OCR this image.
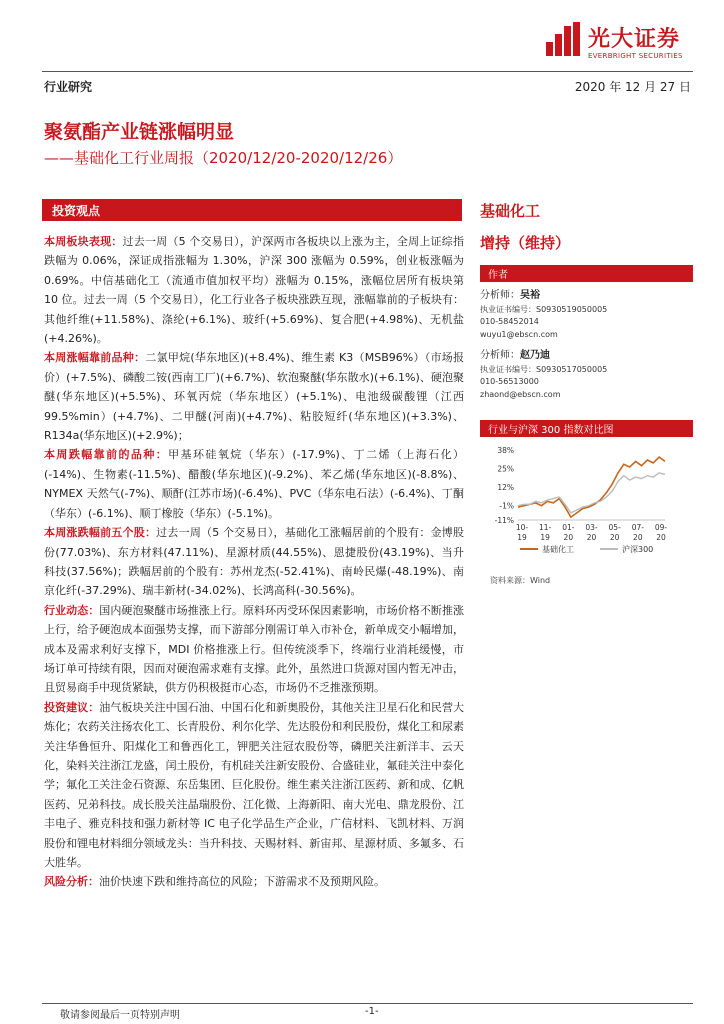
光大证券
EVERBRIGHT SECURITIES
行业研究	2020 年 12 月 27 日
聚氨酯产业链涨幅明显
——基础化工行业周报（2020/12/20-2020/12/26）
投资观点

本周板块表现：过去一周（5 个交易日），沪深两市各板块以上涨为主，全周上证综指跌幅为 0.06%，深证成指涨幅为 1.30%，沪深 300 涨幅为 0.59%，创业板涨幅为 0.69%。中信基础化工（流通市值加权平均）涨幅为 0.15%，涨幅位居所有板块第 10 位。过去一周（5 个交易日），化工行业各子板块涨跌互现，涨幅靠前的子板块有：其他纤维(+11.58%)、涤纶(+6.1%)、玻纤(+5.69%)、复合肥(+4.98%)、无机盐(+4.26%)。

本周涨幅靠前品种：二氯甲烷(华东地区)(+8.4%)、维生素 K3（MSB96%）（市场报价）(+7.5%)、磷酸二铵(西南工厂)(+6.7%)、软泡聚醚(华东散水)(+6.1%)、硬泡聚醚(华东地区)(+5.5%)、环氧丙烷（华东地区）(+5.1%)、电池级碳酸锂（江西 99.5%min）(+4.7%)、二甲醚(河南)(+4.7%)、粘胶短纤(华东地区)(+3.3%)、R134a(华东地区)(+2.9%)；

本周跌幅靠前的品种：甲基环硅氧烷（华东）(-17.9%)、丁二烯（上海石化）(-14%)、生物素(-11.5%)、醋酸(华东地区)(-9.2%)、苯乙烯(华东地区)(-8.8%)、NYMEX 天然气(-7%)、顺酐(江苏市场)(-6.4%)、PVC（华东电石法）(-6.4%)、丁酮（华东）(-6.1%)、顺丁橡胶（华东）(-5.1%)。

本周涨跌幅前五个股：过去一周（5 个交易日），基础化工涨幅居前的个股有：金博股份(77.03%)、东方材料(47.11%)、星源材质(44.55%)、恩捷股份(43.19%)、当升科技(37.56%)；跌幅居前的个股有：苏州龙杰(-52.41%)、南岭民爆(-48.19%)、南京化纤(-37.29%)、瑞丰新材(-34.02%)、长鸿高科(-30.56%)。

行业动态：国内硬泡聚醚市场推涨上行。原料环丙受环保因素影响，市场价格不断推涨上行，给予硬泡成本面强势支撑，而下游部分刚需订单入市补仓，新单成交小幅增加，成本及需求利好支撑下，MDI 价格推涨上行。但传统淡季下，终端行业消耗缓慢，市场订单可持续有限，因而对硬泡需求难有支撑。此外，虽然进口货源对国内暂无冲击，且贸易商手中现货紧缺，供方仍积极挺市心态，市场仍不乏推涨预期。

投资建议：油气板块关注中国石油、中国石化和新奥股份，其他关注卫星石化和民营大炼化；农药关注扬农化工、长青股份、利尔化学、先达股份和利民股份，煤化工和尿素关注华鲁恒升、阳煤化工和鲁西化工，钾肥关注冠农股份等，磷肥关注新洋丰、云天化，染料关注浙江龙盛，闰土股份，有机硅关注新安股份、合盛硅业，氟硅关注中泰化学；氟化工关注金石资源、东岳集团、巨化股份。维生素关注浙江医药、新和成、亿帆医药、兄弟科技。成长股关注晶瑞股份、江化微、上海新阳、南大光电、鼎龙股份、江丰电子、雅克科技和强力新材等 IC 电子化学品生产企业，广信材料、飞凯材料、万润股份和锂电材料细分领域龙头：当升科技、天赐材料、新宙邦、星源材质、多氟多、石大胜华。

风险分析：油价快速下跌和维持高位的风险；下游需求不及预期风险。

基础化工
增持（维持）
作者
分析师：吴裕
执业证书编号：S0930519050005
010-58452014
wuyu1@ebscn.com
分析师：赵乃迪
执业证书编号：S0930517050005
010-56513000
zhaond@ebscn.com
行业与沪深 300 指数对比图
38%
25%
12%
-1%
-11%
10-
19
11-
19
01-
20
03-
20
05-
20
07-
20
09-
20
基础化工	沪深300
资料来源：Wind
敬请参阅最后一页特别声明	-1-
